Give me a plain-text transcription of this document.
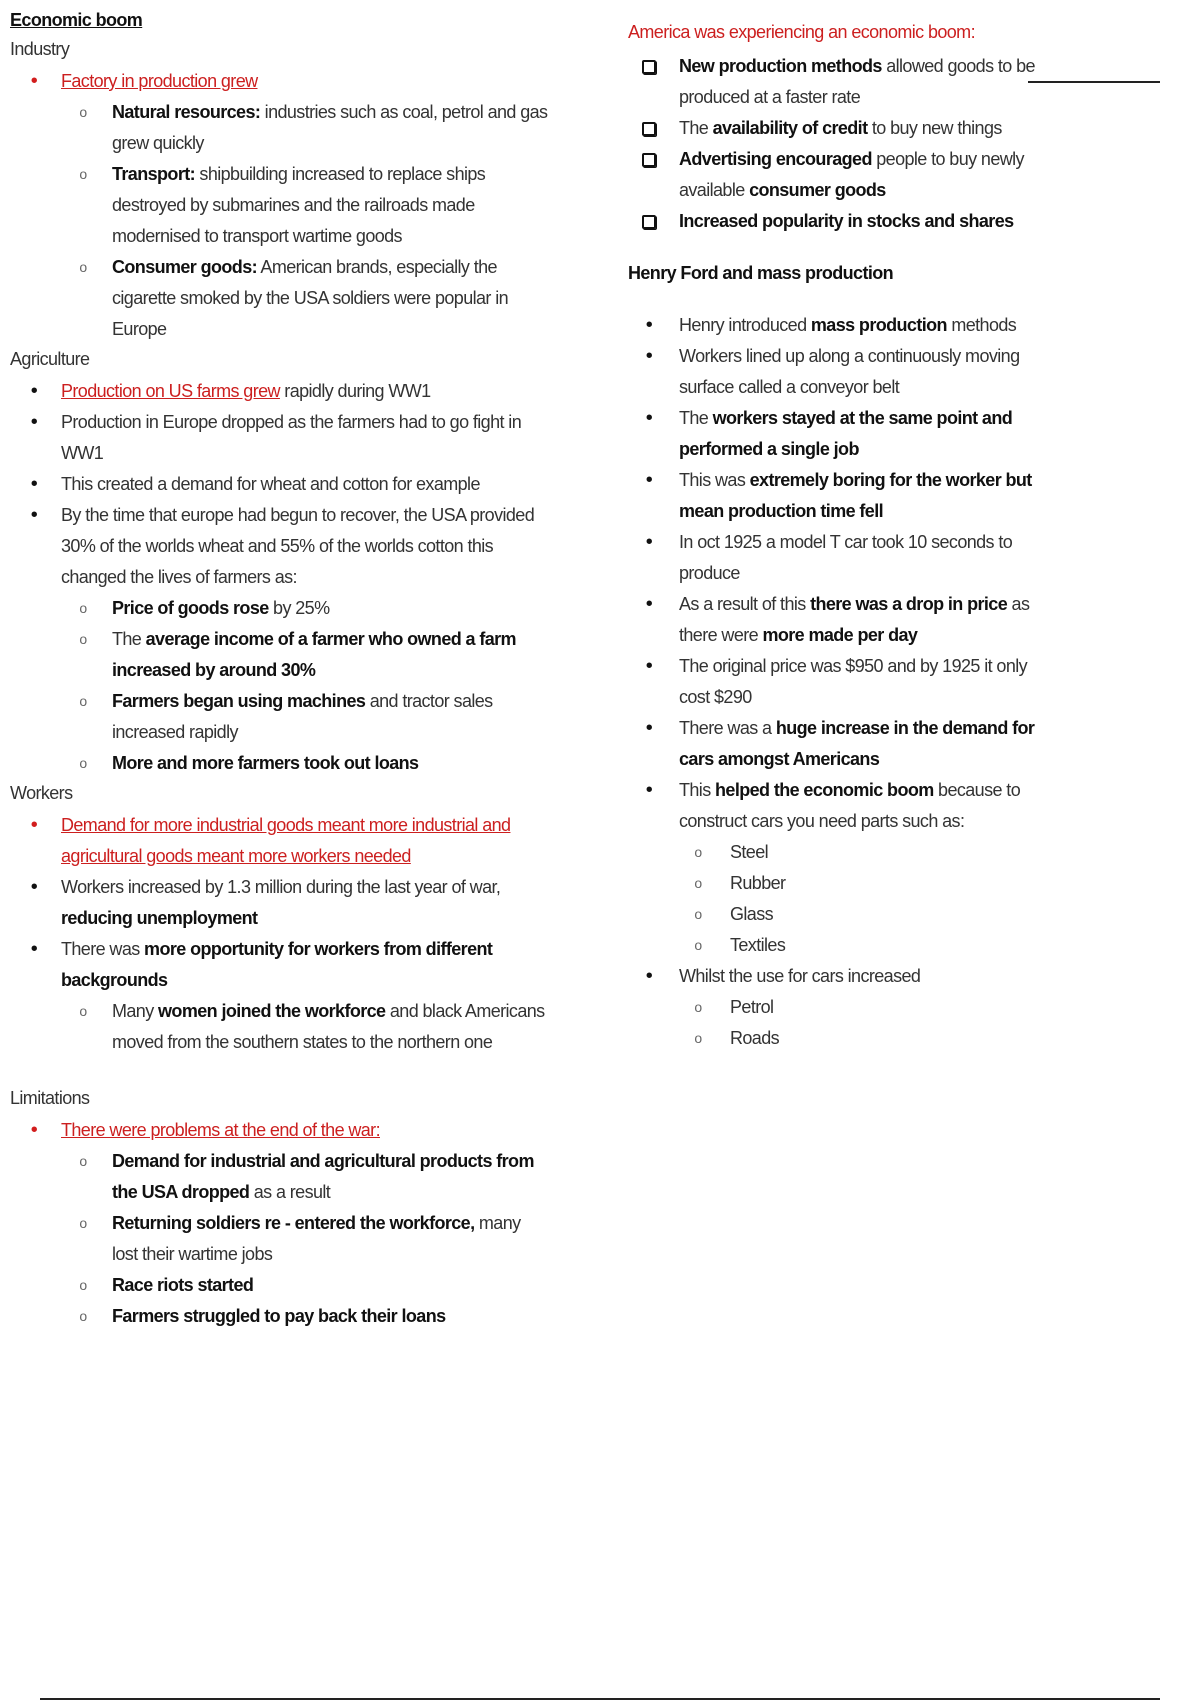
Economic boom
Industry
• Factory in production grew
o Natural resources: industries such as coal, petrol and gas grew quickly
o Transport: shipbuilding increased to replace ships destroyed by submarines and the railroads made modernised to transport wartime goods
o Consumer goods: American brands, especially the cigarette smoked by the USA soldiers were popular in Europe
Agriculture
• Production on US farms grew rapidly during WW1
• Production in Europe dropped as the farmers had to go fight in WW1
• This created a demand for wheat and cotton for example
• By the time that europe had begun to recover, the USA provided 30% of the worlds wheat and 55% of the worlds cotton this changed the lives of farmers as:
o Price of goods rose by 25%
o The average income of a farmer who owned a farm increased by around 30%
o Farmers began using machines and tractor sales increased rapidly
o More and more farmers took out loans
Workers
• Demand for more industrial goods meant more industrial and agricultural goods meant more workers needed
• Workers increased by 1.3 million during the last year of war, reducing unemployment
• There was more opportunity for workers from different backgrounds
o Many women joined the workforce and black Americans moved from the southern states to the northern one
Limitations
• There were problems at the end of the war:
o Demand for industrial and agricultural products from the USA dropped as a result
o Returning soldiers re - entered the workforce, many lost their wartime jobs
o Race riots started
o Farmers struggled to pay back their loans
America was experiencing an economic boom:
New production methods allowed goods to be produced at a faster rate
The availability of credit to buy new things
Advertising encouraged people to buy newly available consumer goods
Increased popularity in stocks and shares
Henry Ford and mass production
• Henry introduced mass production methods
• Workers lined up along a continuously moving surface called a conveyor belt
• The workers stayed at the same point and performed a single job
• This was extremely boring for the worker but mean production time fell
• In oct 1925 a model T car took 10 seconds to produce
• As a result of this there was a drop in price as there were more made per day
• The original price was $950 and by 1925 it only cost $290
• There was a huge increase in the demand for cars amongst Americans
• This helped the economic boom because to construct cars you need parts such as:
o Steel
o Rubber
o Glass
o Textiles
• Whilst the use for cars increased
o Petrol
o Roads
